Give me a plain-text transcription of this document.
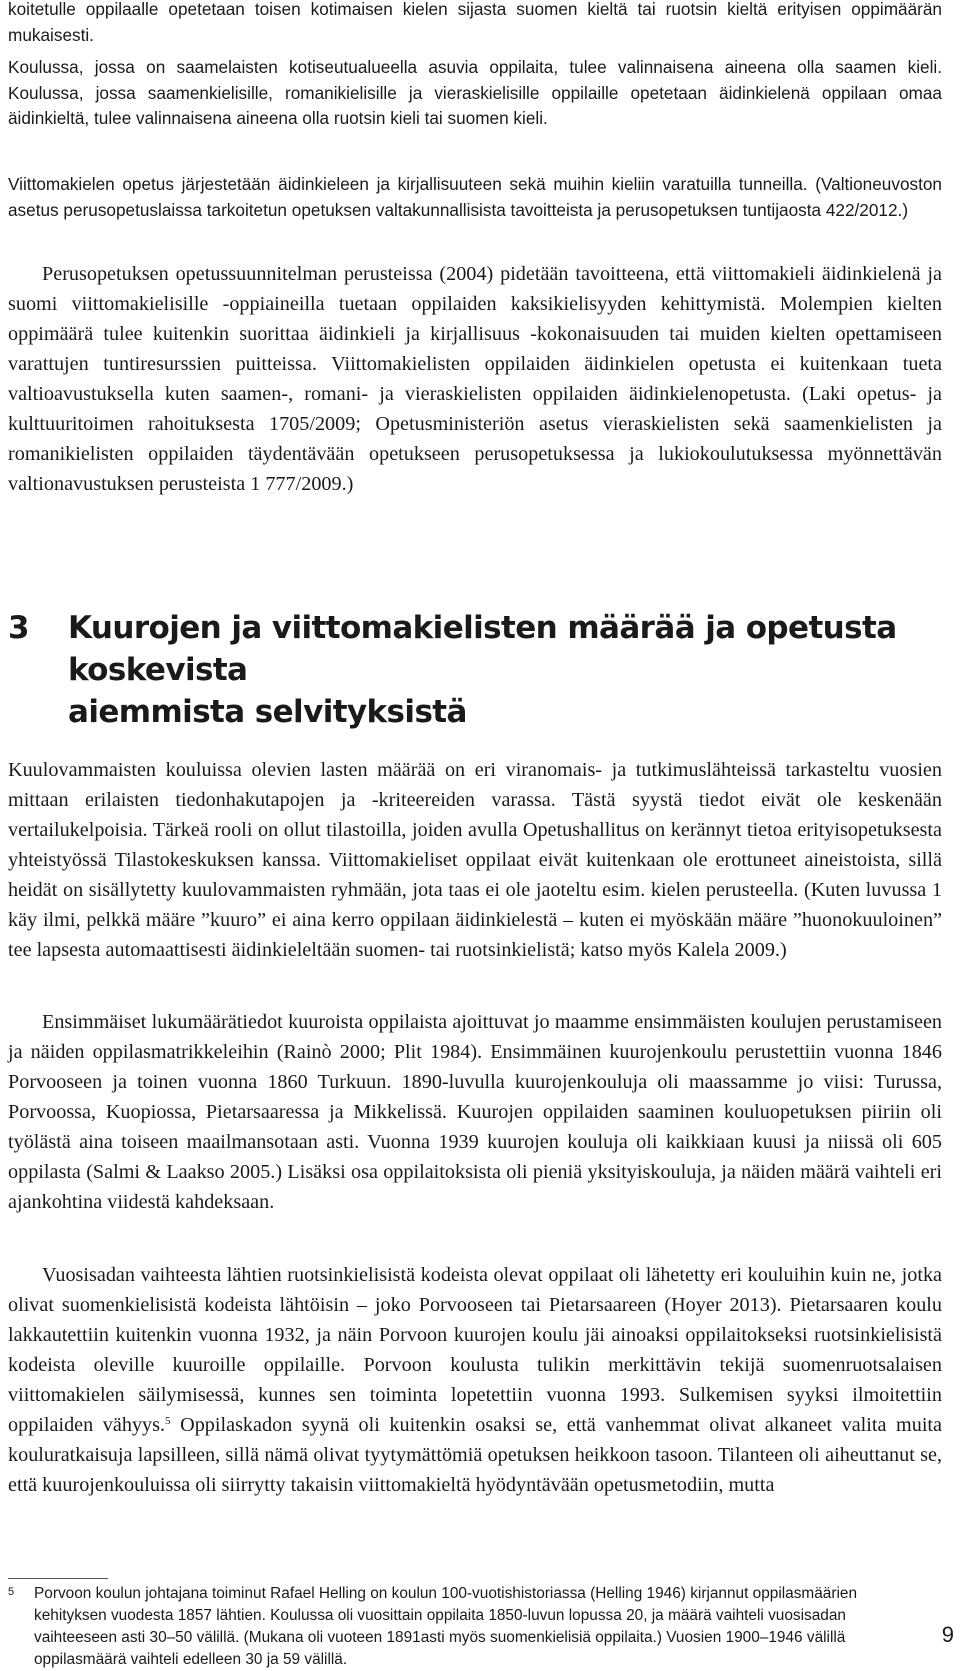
koitetulle oppilaalle opetetaan toisen kotimaisen kielen sijasta suomen kieltä tai ruotsin kieltä erityisen oppimäärän mukaisesti.

Koulussa, jossa on saamelaisten kotiseutualueella asuvia oppilaita, tulee valinnaisena aineena olla saamen kieli. Koulussa, jossa saamenkielisille, romanikielisille ja vieraskielisille oppilaille opetetaan äidinkielenä oppilaan omaa äidinkieltä, tulee valinnaisena aineena olla ruotsin kieli tai suomen kieli.

Viittomakielen opetus järjestetään äidinkieleen ja kirjallisuuteen sekä muihin kieliin varatuilla tunneilla. (Valtioneuvoston asetus perusopetuslaissa tarkoitetun opetuksen valtakunnallisista tavoitteista ja perusopetuksen tuntijaosta 422/2012.)

Perusopetuksen opetussuunnitelman perusteissa (2004) pidetään tavoitteena, että viittomakieli äidinkielenä ja suomi viittomakielisille -oppiaineilla tuetaan oppilaiden kaksikielisyyden kehittymistä. Molempien kielten oppimäärä tulee kuitenkin suorittaa äidinkieli ja kirjallisuus -kokonaisuuden tai muiden kielten opettamiseen varattujen tuntiresurssien puitteissa. Viittomakielisten oppilaiden äidinkielen opetusta ei kuitenkaan tueta valtioavustuksella kuten saamen-, romani- ja vieraskielisten oppilaiden äidinkielenopetusta. (Laki opetus- ja kulttuuritoimen rahoituksesta 1705/2009; Opetusministeriön asetus vieraskielisten sekä saamenkielisten ja romanikielisten oppilaiden täydentävään opetukseen perusopetuksessa ja lukiokoulutuksessa myönnettävän valtionavustuksen perusteista 1 777/2009.)

3	Kuurojen ja viittomakielisten määrää ja opetusta koskevista
aiemmista selvityksistä

Kuulovammaisten kouluissa olevien lasten määrää on eri viranomais- ja tutkimuslähteissä tarkasteltu vuosien mittaan erilaisten tiedonhakutapojen ja -kriteereiden varassa. Tästä syystä tiedot eivät ole keskenään vertailukelpoisia. Tärkeä rooli on ollut tilastoilla, joiden avulla Opetushallitus on kerännyt tietoa erityisopetuksesta yhteistyössä Tilastokeskuksen kanssa. Viittomakieliset oppilaat eivät kuitenkaan ole erottuneet aineistoista, sillä heidät on sisällytetty kuulovammaisten ryhmään, jota taas ei ole jaoteltu esim. kielen perusteella. (Kuten luvussa 1 käy ilmi, pelkkä määre ”kuuro” ei aina kerro oppilaan äidinkielestä – kuten ei myöskään määre ”huonokuuloinen” tee lapsesta automaattisesti äidinkieleltään suomen- tai ruotsinkielistä; katso myös Kalela 2009.)

Ensimmäiset lukumäärätiedot kuuroista oppilaista ajoittuvat jo maamme ensimmäisten koulujen perustamiseen ja näiden oppilasmatrikkeleihin (Rainò 2000; Plit 1984). Ensimmäinen kuurojenkoulu perustettiin vuonna 1846 Porvooseen ja toinen vuonna 1860 Turkuun. 1890-luvulla kuurojenkouluja oli maassamme jo viisi: Turussa, Porvoossa, Kuopiossa, Pietarsaaressa ja Mikkelissä. Kuurojen oppilaiden saaminen kouluopetuksen piiriin oli työlästä aina toiseen maailmansotaan asti. Vuonna 1939 kuurojen kouluja oli kaikkiaan kuusi ja niissä oli 605 oppilasta (Salmi & Laakso 2005.) Lisäksi osa oppilaitoksista oli pieniä yksityiskouluja, ja näiden määrä vaihteli eri ajankohtina viidestä kahdeksaan.

Vuosisadan vaihteesta lähtien ruotsinkielisistä kodeista olevat oppilaat oli lähetetty eri kouluihin kuin ne, jotka olivat suomenkielisistä kodeista lähtöisin – joko Porvooseen tai Pietarsaareen (Hoyer 2013). Pietarsaaren koulu lakkautettiin kuitenkin vuonna 1932, ja näin Porvoon kuurojen koulu jäi ainoaksi oppilaitokseksi ruotsinkielisistä kodeista oleville kuuroille oppilaille. Porvoon koulusta tulikin merkittävin tekijä suomenruotsalaisen viittomakielen säilymisessä, kunnes sen toiminta lopetettiin vuonna 1993. Sulkemisen syyksi ilmoitettiin oppilaiden vähyys.$^5$ Oppilaskadon syynä oli kuitenkin osaksi se, että vanhemmat olivat alkaneet valita muita kouluratkaisuja lapsilleen, sillä nämä olivat tyytymättömiä opetuksen heikkoon tasoon. Tilanteen oli aiheuttanut se, että kuurojenkouluissa oli siirrytty takaisin viittomakieltä hyödyntävään opetusmetodiin, mutta

5	Porvoon koulun johtajana toiminut Rafael Helling on koulun 100-vuotishistoriassa (Helling 1946) kirjannut oppilasmäärien kehityksen vuodesta 1857 lähtien. Koulussa oli vuosittain oppilaita 1850-luvun lopussa 20, ja määrä vaihteli vuosisadan vaihteeseen asti 30–50 välillä. (Mukana oli vuoteen 1891asti myös suomenkielisiä oppilaita.) Vuosien 1900–1946 välillä oppilasmäärä vaihteli edelleen 30 ja 59 välillä.

9
